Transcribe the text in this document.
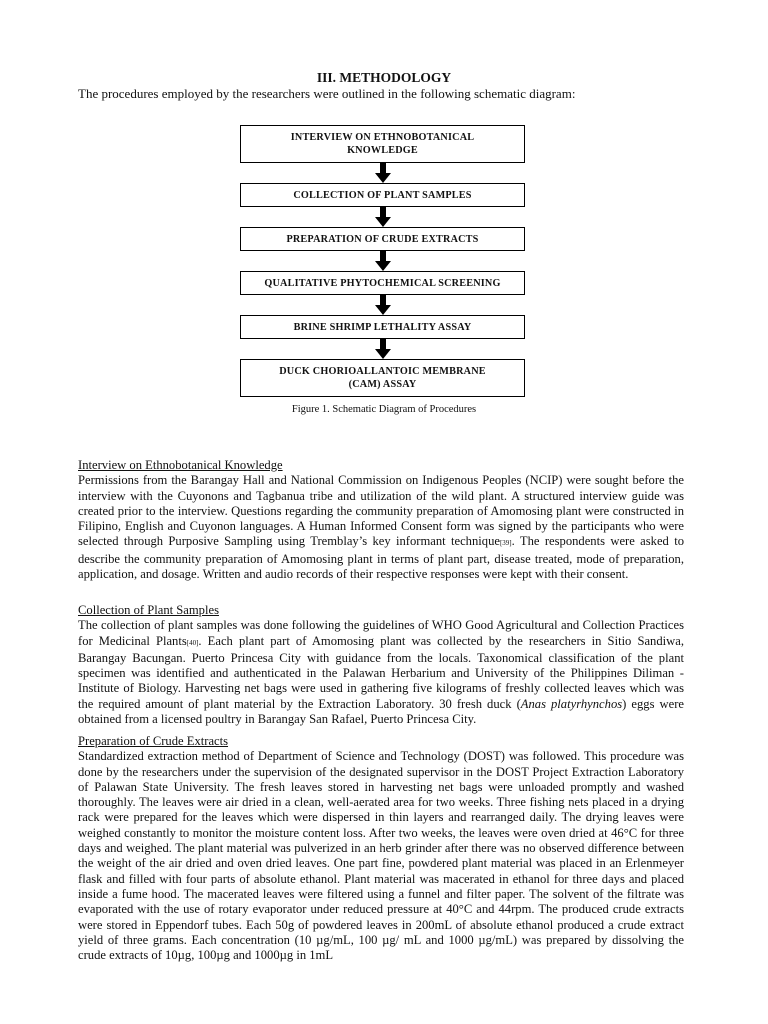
III. METHODOLOGY
The procedures employed by the researchers were outlined in the following schematic diagram:
INTERVIEW ON ETHNOBOTANICAL
KNOWLEDGE
COLLECTION OF PLANT SAMPLES
PREPARATION OF CRUDE EXTRACTS
QUALITATIVE PHYTOCHEMICAL SCREENING
BRINE SHRIMP LETHALITY ASSAY
DUCK CHORIOALLANTOIC MEMBRANE
(CAM) ASSAY
Figure 1. Schematic Diagram of Procedures
Interview on Ethnobotanical Knowledge
Permissions from the Barangay Hall and National Commission on Indigenous Peoples (NCIP) were sought before the interview with the Cuyonons and Tagbanua tribe and utilization of the wild plant. A structured interview guide was created prior to the interview. Questions regarding the community preparation of Amomosing plant were constructed in Filipino, English and Cuyonon languages. A Human Informed Consent form was signed by the participants who were selected through Purposive Sampling using Tremblay’s key informant technique[39]. The respondents were asked to describe the community preparation of Amomosing plant in terms of plant part, disease treated, mode of preparation, application, and dosage. Written and audio records of their respective responses were kept with their consent.
Collection of Plant Samples
The collection of plant samples was done following the guidelines of WHO Good Agricultural and Collection Practices for Medicinal Plants[40]. Each plant part of Amomosing plant was collected by the researchers in Sitio Sandiwa, Barangay Bacungan. Puerto Princesa City with guidance from the locals. Taxonomical classification of the plant specimen was identified and authenticated in the Palawan Herbarium and University of the Philippines Diliman - Institute of Biology. Harvesting net bags were used in gathering five kilograms of freshly collected leaves which was the required amount of plant material by the Extraction Laboratory. 30 fresh duck (Anas platyrhynchos) eggs were obtained from a licensed poultry in Barangay San Rafael, Puerto Princesa City.
Preparation of Crude Extracts
Standardized extraction method of Department of Science and Technology (DOST) was followed. This procedure was done by the researchers under the supervision of the designated supervisor in the DOST Project Extraction Laboratory of Palawan State University. The fresh leaves stored in harvesting net bags were unloaded promptly and washed thoroughly. The leaves were air dried in a clean, well-aerated area for two weeks. Three fishing nets placed in a drying rack were prepared for the leaves which were dispersed in thin layers and rearranged daily. The drying leaves were weighed constantly to monitor the moisture content loss. After two weeks, the leaves were oven dried at 46°C for three days and weighed. The plant material was pulverized in an herb grinder after there was no observed difference between the weight of the air dried and oven dried leaves. One part fine, powdered plant material was placed in an Erlenmeyer flask and filled with four parts of absolute ethanol. Plant material was macerated in ethanol for three days and placed inside a fume hood. The macerated leaves were filtered using a funnel and filter paper. The solvent of the filtrate was evaporated with the use of rotary evaporator under reduced pressure at 40°C and 44rpm. The produced crude extracts were stored in Eppendorf tubes. Each 50g of powdered leaves in 200mL of absolute ethanol produced a crude extract yield of three grams. Each concentration (10 µg/mL, 100 µg/ mL and 1000 µg/mL) was prepared by dissolving the crude extracts of 10µg, 100µg and 1000µg in 1mL
